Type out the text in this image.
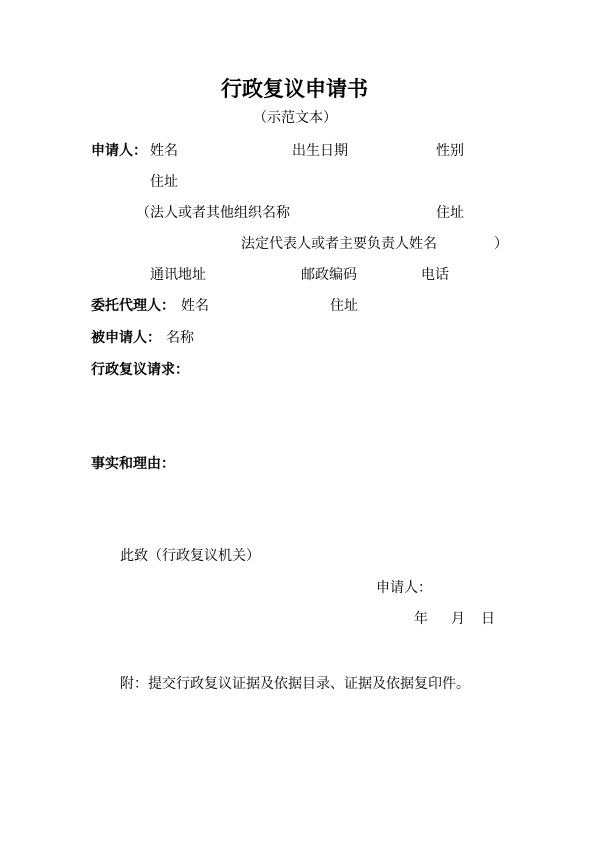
行政复议申请书
（示范文本）
申请人： 姓名	出生日期	性别
住址
（法人或者其他组织名称	住址
法定代表人或者主要负责人姓名	）
通讯地址	邮政编码	电话
委托代理人： 姓名	住址
被申请人： 名称
行政复议请求：
事实和理由：
此致（行政复议机关）
申请人：
年 月 日
附：提交行政复议证据及依据目录、证据及依据复印件。
